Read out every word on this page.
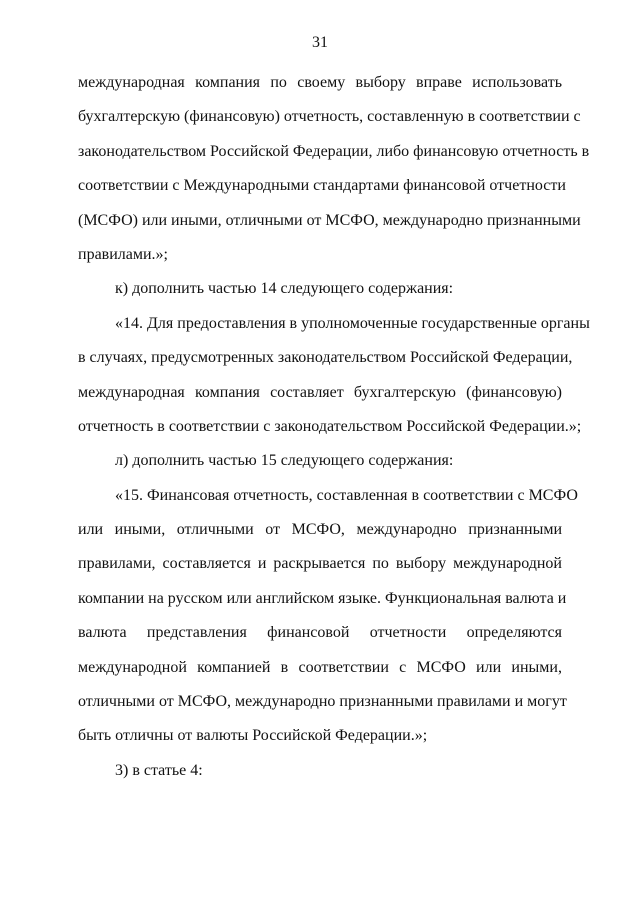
31
международная компания по своему выбору вправе использовать
бухгалтерскую (финансовую) отчетность, составленную в соответствии с
законодательством Российской Федерации, либо финансовую отчетность в
соответствии с Международными стандартами финансовой отчетности
(МСФО) или иными, отличными от МСФО, международно признанными
правилами.»;
к) дополнить частью 14 следующего содержания:
«14. Для предоставления в уполномоченные государственные органы
в случаях, предусмотренных законодательством Российской Федерации,
международная компания составляет бухгалтерскую (финансовую)
отчетность в соответствии с законодательством Российской Федерации.»;
л) дополнить частью 15 следующего содержания:
«15. Финансовая отчетность, составленная в соответствии с МСФО
или иными, отличными от МСФО, международно признанными
правилами, составляется и раскрывается по выбору международной
компании на русском или английском языке. Функциональная валюта и
валюта представления финансовой отчетности определяются
международной компанией в соответствии с МСФО или иными,
отличными от МСФО, международно признанными правилами и могут
быть отличны от валюты Российской Федерации.»;
3) в статье 4:
